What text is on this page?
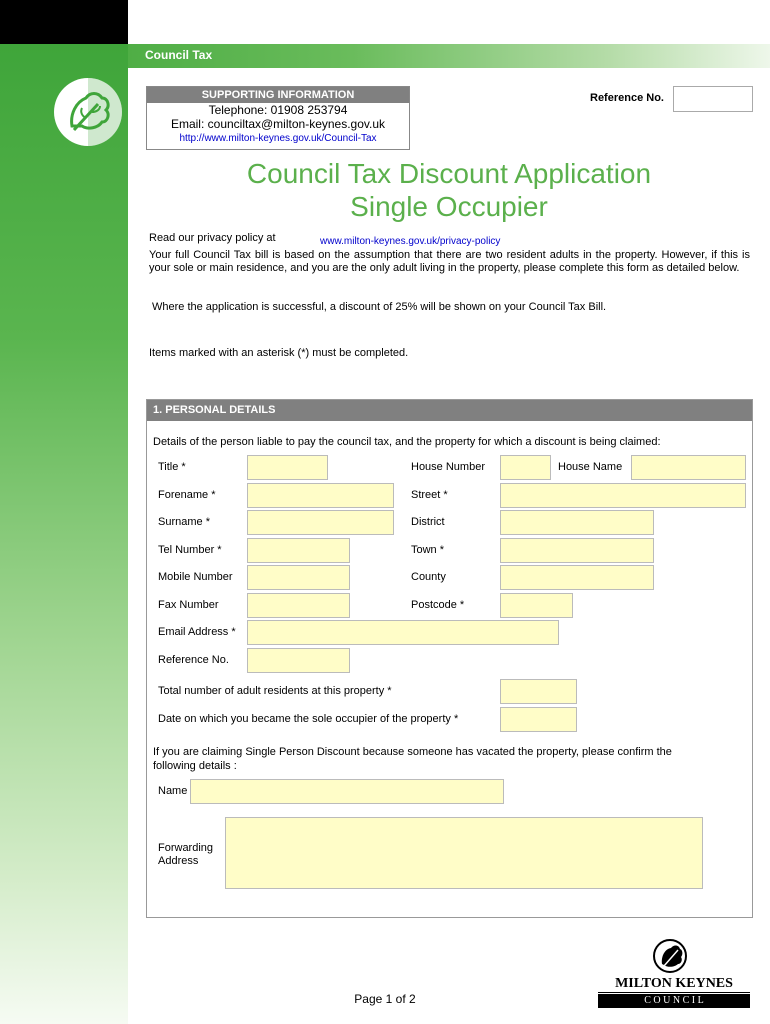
Council Tax
SUPPORTING INFORMATION
Telephone: 01908 253794
Email: counciltax@milton-keynes.gov.uk
http://www.milton-keynes.gov.uk/Council-Tax
Reference No.
Council Tax Discount Application
Single Occupier
Read our privacy policy at	www.milton-keynes.gov.uk/privacy-policy
Your full Council Tax bill is based on the assumption that there are two resident adults in the property. However, if this is your sole or main residence, and you are the only adult living in the property, please complete this form as detailed below.
Where the application is successful, a discount of 25% will be shown on your Council Tax Bill.
Items marked with an asterisk (*) must be completed.
1. PERSONAL DETAILS
Details of the person liable to pay the council tax, and the property for which a discount is being claimed:
Title *
Forename *
Surname *
Tel Number *
Mobile Number
Fax Number
Email Address *
Reference No.
House Number	House Name
Street *
District
Town *
County
Postcode *
Total number of adult residents at this property *
Date on which you became the sole occupier of the property *
If you are claiming Single Person Discount because someone has vacated the property, please confirm the following details :
Name
Forwarding
Address
Page 1 of 2
MILTON KEYNES
C O U N C I L
